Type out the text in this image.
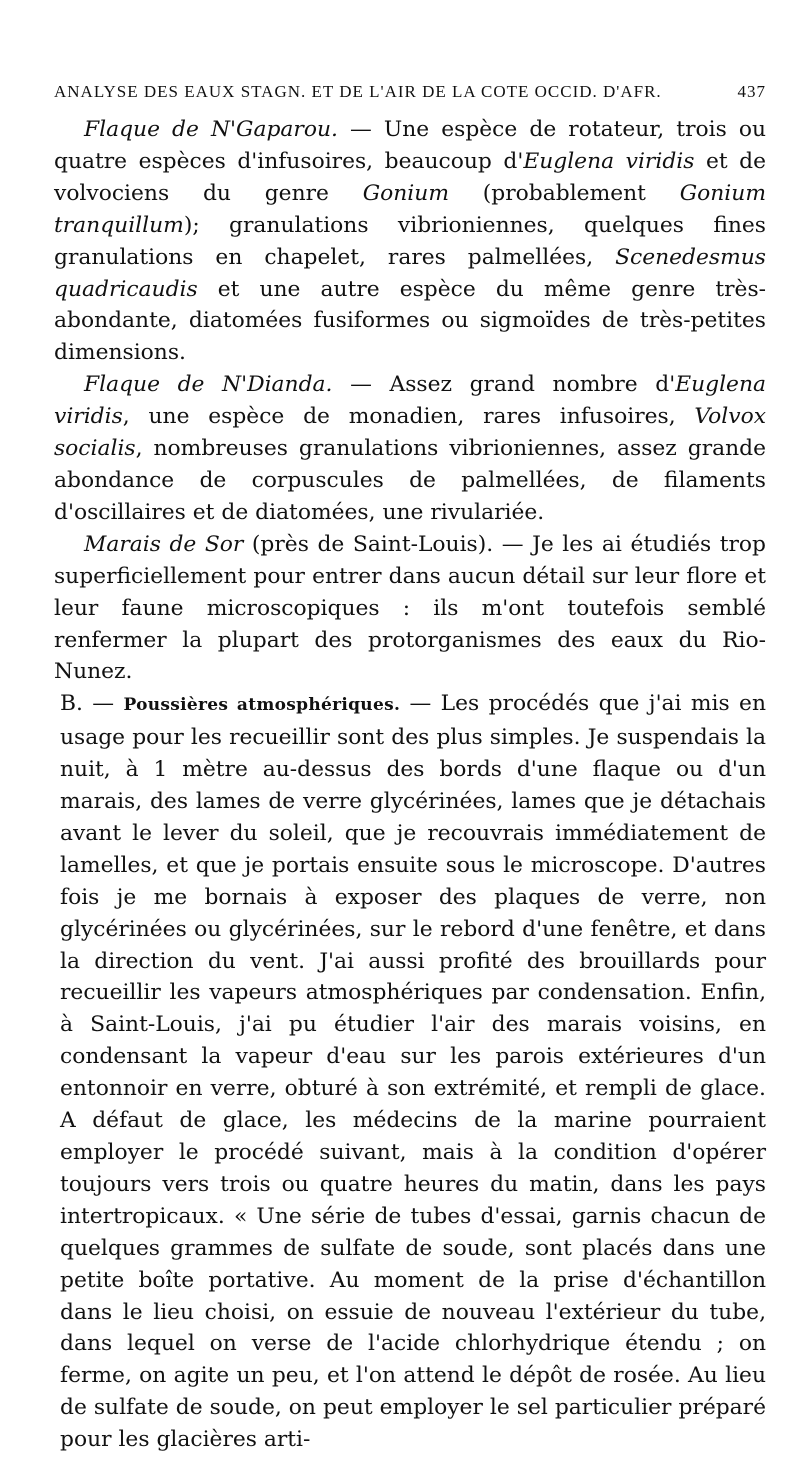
ANALYSE DES EAUX STAGN. ET DE L'AIR DE LA COTE OCCID. D'AFR.	437

Flaque de N'Gaparou. — Une espèce de rotateur, trois ou quatre espèces d'infusoires, beaucoup d'Euglena viridis et de volvociens du genre Gonium (probablement Gonium tranquillum); granulations vibrioniennes, quelques fines granulations en chapelet, rares palmellées, Scenedesmus quadricaudis et une autre espèce du même genre très-abondante, diatomées fusiformes ou sigmoïdes de très-petites dimensions.

Flaque de N'Dianda. — Assez grand nombre d'Euglena viridis, une espèce de monadien, rares infusoires, Volvox socialis, nombreuses granulations vibrioniennes, assez grande abondance de corpuscules de palmellées, de filaments d'oscillaires et de diatomées, une rivulariée.

Marais de Sor (près de Saint-Louis). — Je les ai étudiés trop superficiellement pour entrer dans aucun détail sur leur flore et leur faune microscopiques : ils m'ont toutefois semblé renfermer la plupart des protorganismes des eaux du Rio-Nunez.

B. — Poussières atmosphériques. — Les procédés que j'ai mis en usage pour les recueillir sont des plus simples. Je suspendais la nuit, à 1 mètre au-dessus des bords d'une flaque ou d'un marais, des lames de verre glycérinées, lames que je détachais avant le lever du soleil, que je recouvrais immédiatement de lamelles, et que je portais ensuite sous le microscope. D'autres fois je me bornais à exposer des plaques de verre, non glycérinées ou glycérinées, sur le rebord d'une fenêtre, et dans la direction du vent. J'ai aussi profité des brouillards pour recueillir les vapeurs atmosphériques par condensation. Enfin, à Saint-Louis, j'ai pu étudier l'air des marais voisins, en condensant la vapeur d'eau sur les parois extérieures d'un entonnoir en verre, obturé à son extrémité, et rempli de glace. A défaut de glace, les médecins de la marine pourraient employer le procédé suivant, mais à la condition d'opérer toujours vers trois ou quatre heures du matin, dans les pays intertropicaux. « Une série de tubes d'essai, garnis chacun de quelques grammes de sulfate de soude, sont placés dans une petite boîte portative. Au moment de la prise d'échantillon dans le lieu choisi, on essuie de nouveau l'extérieur du tube, dans lequel on verse de l'acide chlorhydrique étendu ; on ferme, on agite un peu, et l'on attend le dépôt de rosée. Au lieu de sulfate de soude, on peut employer le sel particulier préparé pour les glacières arti-
